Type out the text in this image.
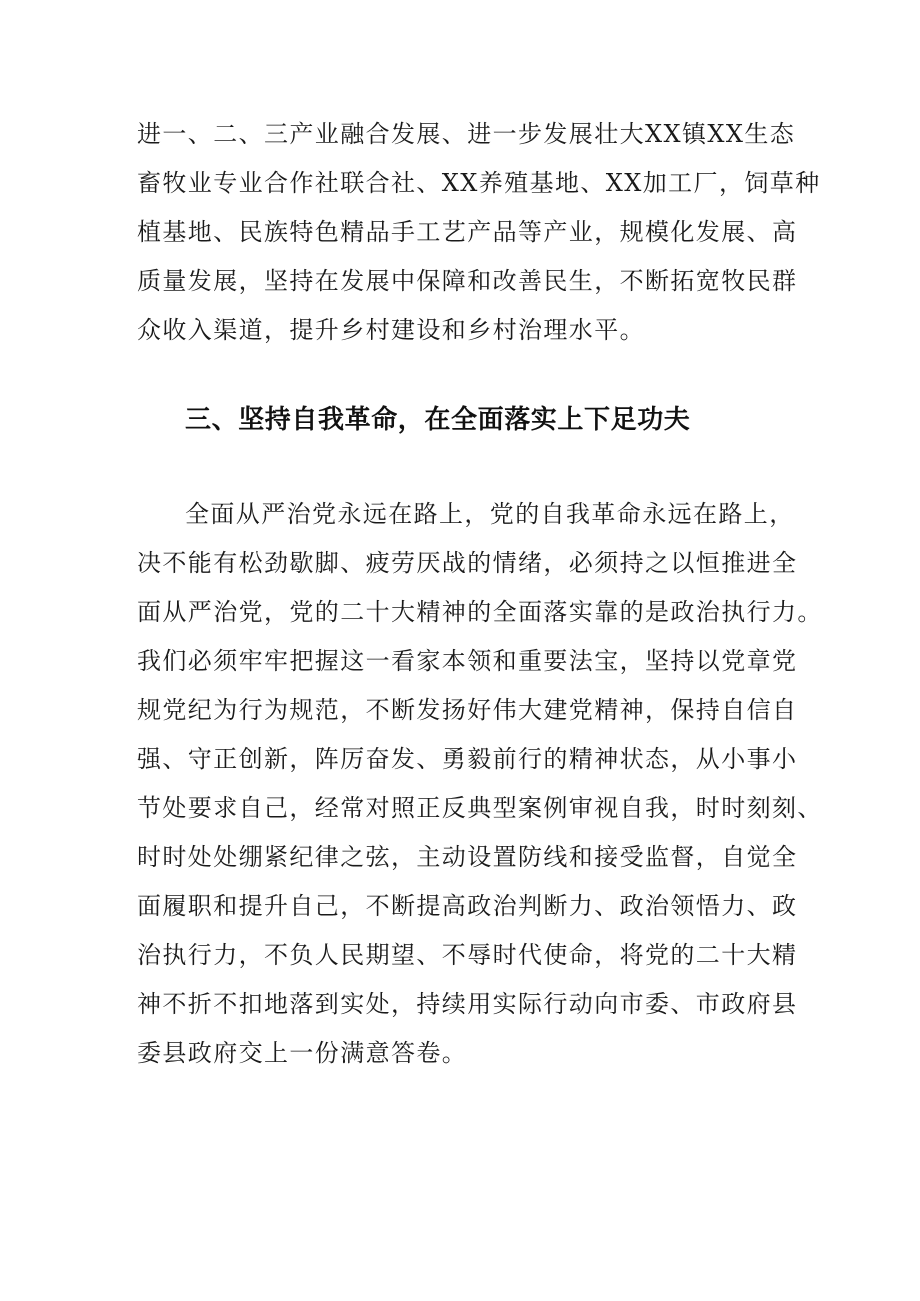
进一、二、三产业融合发展、进一步发展壮大XX镇XX生态
畜牧业专业合作社联合社、XX养殖基地、XX加工厂，饲草种
植基地、民族特色精品手工艺产品等产业，规模化发展、高
质量发展，坚持在发展中保障和改善民生，不断拓宽牧民群
众收入渠道，提升乡村建设和乡村治理水平。
三、坚持自我革命，在全面落实上下足功夫
全面从严治党永远在路上，党的自我革命永远在路上，
决不能有松劲歇脚、疲劳厌战的情绪，必须持之以恒推进全
面从严治党，党的二十大精神的全面落实靠的是政治执行力。
我们必须牢牢把握这一看家本领和重要法宝，坚持以党章党
规党纪为行为规范，不断发扬好伟大建党精神，保持自信自
强、守正创新，阵厉奋发、勇毅前行的精神状态，从小事小
节处要求自己，经常对照正反典型案例审视自我，时时刻刻、
时时处处绷紧纪律之弦，主动设置防线和接受监督，自觉全
面履职和提升自己，不断提高政治判断力、政治领悟力、政
治执行力，不负人民期望、不辱时代使命，将党的二十大精
神不折不扣地落到实处，持续用实际行动向市委、市政府县
委县政府交上一份满意答卷。
